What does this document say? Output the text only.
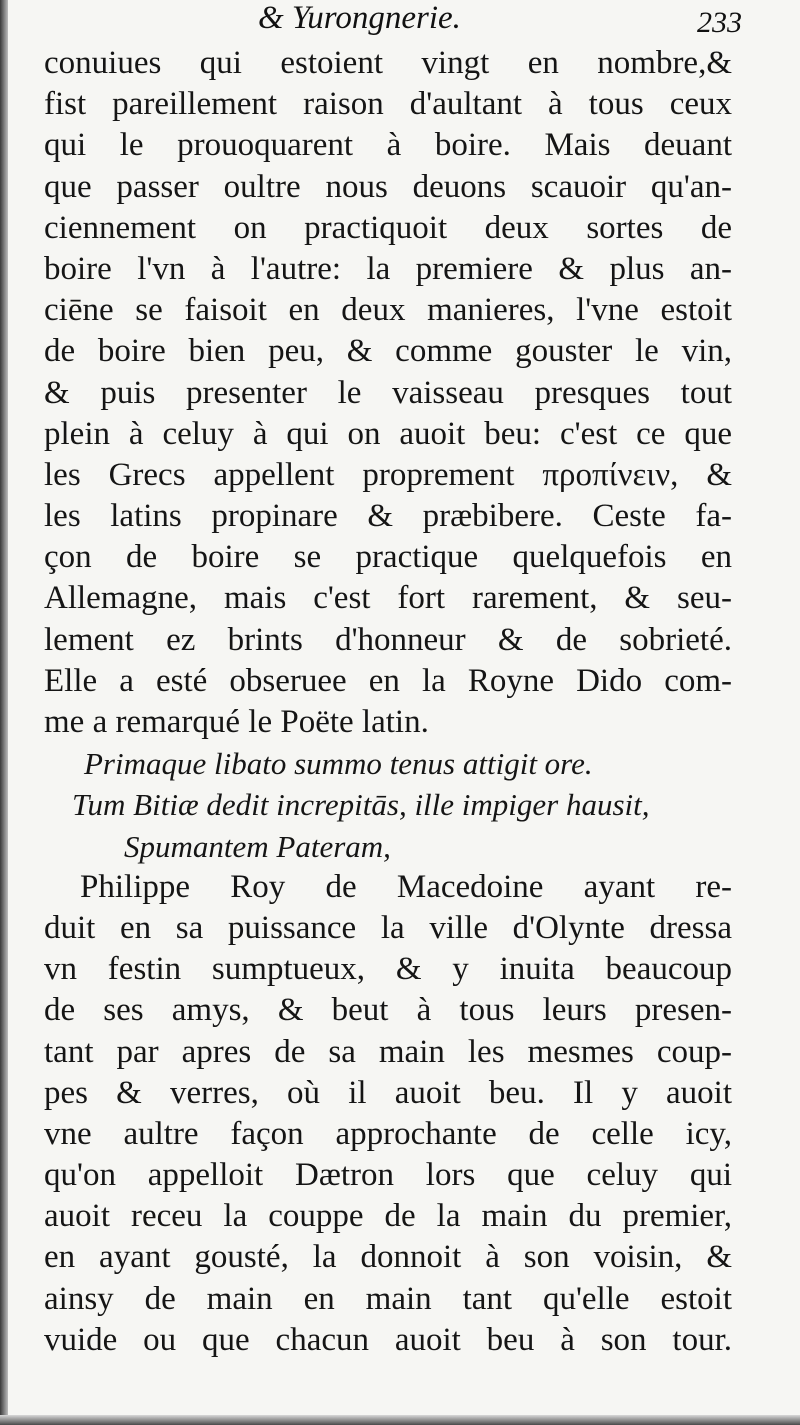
& Yurongnerie.	233
conuiues qui estoient vingt en nombre,&
fist pareillement raison d'aultant à tous ceux
qui le prouoquarent à boire. Mais deuant
que passer oultre nous deuons scauoir qu'an-
ciennement on practiquoit deux sortes de
boire l'vn à l'autre: la premiere & plus an-
ciēne se faisoit en deux manieres, l'vne estoit
de boire bien peu, & comme gouster le vin,
& puis presenter le vaisseau presques tout
plein à celuy à qui on auoit beu: c'est ce que
les Grecs appellent proprement προπίνειν, &
les latins propinare & præbibere. Ceste fa-
çon de boire se practique quelquefois en
Allemagne, mais c'est fort rarement, & seu-
lement ez brints d'honneur & de sobrieté.
Elle a esté obseruee en la Royne Dido com-
me a remarqué le Poëte latin.
Primaque libato summo tenus attigit ore.
Tum Bitiæ dedit increpitās, ille impiger hausit,
Spumantem Pateram,
Philippe Roy de Macedoine ayant re-
duit en sa puissance la ville d'Olynte dressa
vn festin sumptueux, & y inuita beaucoup
de ses amys, & beut à tous leurs presen-
tant par apres de sa main les mesmes coup-
pes & verres, où il auoit beu. Il y auoit
vne aultre façon approchante de celle icy,
qu'on appelloit Dætron lors que celuy qui
auoit receu la couppe de la main du premier,
en ayant gousté, la donnoit à son voisin, &
ainsy de main en main tant qu'elle estoit
vuide ou que chacun auoit beu à son tour.
